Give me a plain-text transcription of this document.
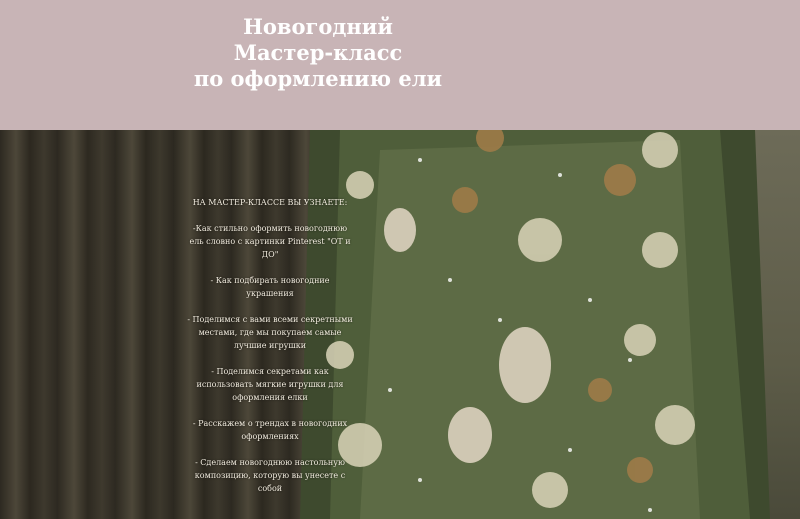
Новогодний
Мастер-класс
по оформлению ели

НА МАСТЕР-КЛАССЕ ВЫ УЗНАЕТЕ:

-Как стильно оформить новогоднюю ель словно с картинки Pinterest "ОТ и ДО"

- Как подбирать новогодние украшения

- Поделимся с вами всеми секретными местами, где мы покупаем самые лучшие игрушки

- Поделимся секретами как использовать мягкие игрушки для оформления елки

- Расскажем о трендах в новогодних оформлениях

- Сделаем новогоднюю настольную композицию, которую вы унесете с собой
